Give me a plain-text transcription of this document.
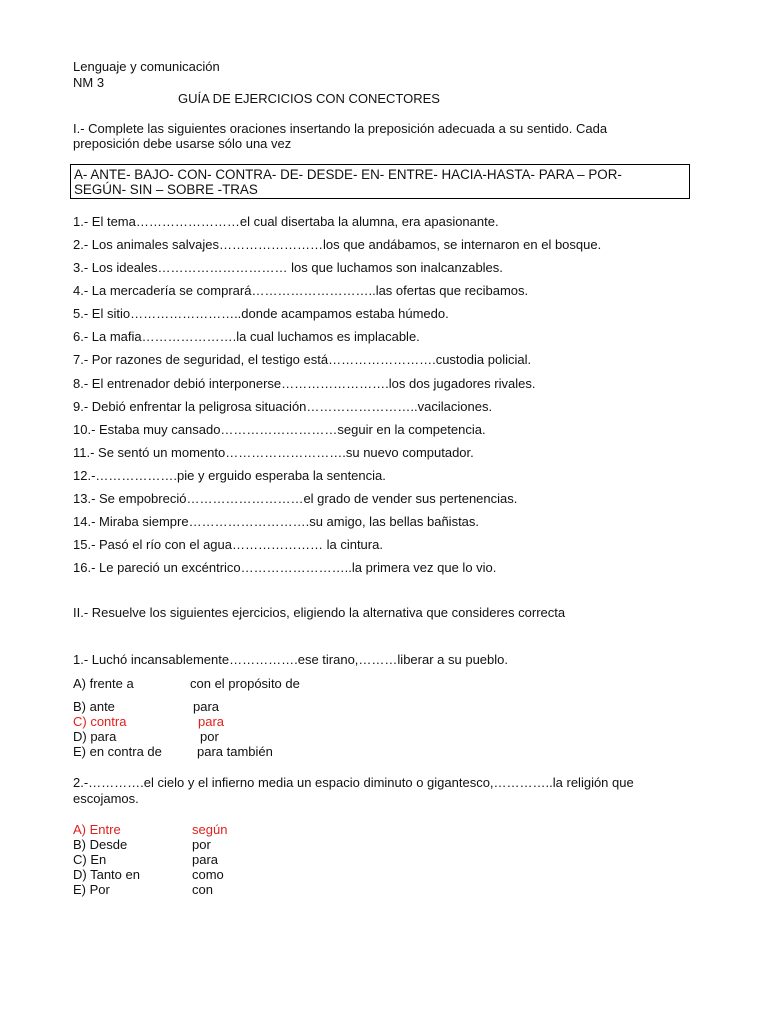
Lenguaje y comunicación
NM 3
GUÍA DE EJERCICIOS CON CONECTORES
I.- Complete las siguientes oraciones insertando la preposición adecuada a su sentido. Cada
preposición debe usarse sólo una vez
A- ANTE- BAJO- CON- CONTRA- DE- DESDE- EN- ENTRE- HACIA-HASTA- PARA – POR-
SEGÚN- SIN – SOBRE -TRAS
1.- El tema……………………el cual disertaba la alumna, era apasionante.
2.- Los animales salvajes……………………los que andábamos, se internaron en el bosque.
3.- Los ideales………………………… los que luchamos son inalcanzables.
4.- La mercadería se comprará………………………..las ofertas que recibamos.
5.- El sitio……………………..donde acampamos estaba húmedo.
6.- La mafia………………….la cual luchamos es implacable.
7.- Por razones de seguridad, el testigo está…………………….custodia policial.
8.- El entrenador debió interponerse…………………….los dos jugadores rivales.
9.- Debió enfrentar la peligrosa situación……………………..vacilaciones.
10.- Estaba muy cansado………………………seguir en la competencia.
11.- Se sentó un momento……………………….su nuevo computador.
12.-……………….pie y erguido esperaba la sentencia.
13.- Se empobreció………………………el grado de vender sus pertenencias.
14.- Miraba siempre……………………….su amigo, las bellas bañistas.
15.- Pasó el río con el agua………………… la cintura.
16.- Le pareció un excéntrico……………………..la primera vez que lo vio.
II.- Resuelve los siguientes ejercicios, eligiendo la alternativa que consideres correcta
1.- Luchó incansablemente…………….ese tirano,………liberar a su pueblo.
A) frente a	con el propósito de
B) ante	para
C) contra	para
D) para	por
E) en contra de	para también
2.-………….el cielo y el infierno media un espacio diminuto o gigantesco,…………..la religión que
escojamos.
A) Entre	según
B) Desde	por
C) En	para
D) Tanto en	como
E) Por	con
